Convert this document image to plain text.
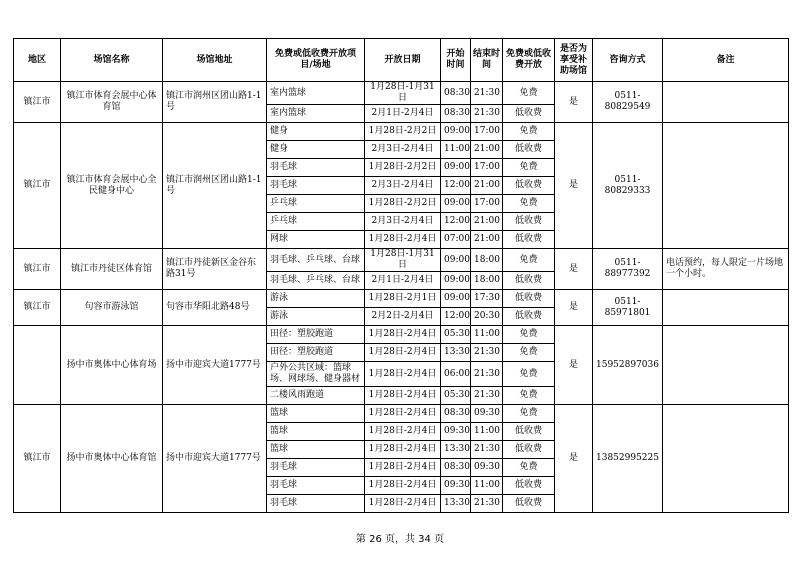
地区	场馆名称	场馆地址	免费或低收费开放项目/场地	开放日期	开始时间	结束时间	免费或低收费开放	是否为享受补助场馆	咨询方式	备注
镇江市	镇江市体育会展中心体育馆	镇江市润州区团山路1-1号	室内篮球	1月28日-1月31日	08:30	21:30	免费	是	0511-80829549	
			室内篮球	2月1日-2月4日	08:30	21:30	低收费			
镇江市	镇江市体育会展中心全民健身中心	镇江市润州区团山路1-1号	健身	1月28日-2月2日	09:00	17:00	免费	是	0511-80829333	
			健身	2月3日-2月4日	11:00	21:00	低收费			
			羽毛球	1月28日-2月2日	09:00	17:00	免费			
			羽毛球	2月3日-2月4日	12:00	21:00	低收费			
			乒乓球	1月28日-2月2日	09:00	17:00	免费			
			乒乓球	2月3日-2月4日	12:00	21:00	低收费			
			网球	1月28日-2月4日	07:00	21:00	低收费			
镇江市	镇江市丹徒区体育馆	镇江市丹徒新区金谷东路31号	羽毛球、乒乓球、台球	1月28日-1月31日	09:00	18:00	免费	是	0511-88977392	电话预约，每人限定一片场地一个小时。
			羽毛球、乒乓球、台球	2月1日-2月4日	09:00	18:00	低收费			
镇江市	句容市游泳馆	句容市华阳北路48号	游泳	1月28日-2月1日	09:00	17:30	低收费	是	0511-85971801	
			游泳	2月2日-2月4日	12:00	20:30	低收费			
	扬中市奥体中心体育场	扬中市迎宾大道1777号	田径：塑胶跑道	1月28日-2月4日	05:30	11:00	免费	是	15952897036	
			田径：塑胶跑道	1月28日-2月4日	13:30	21:30	免费			
			户外公共区域：篮球场、网球场、健身器材	1月28日-2月4日	06:00	21:30	免费			
			二楼风雨跑道	1月28日-2月4日	05:30	21:30	免费			
镇江市	扬中市奥体中心体育馆	扬中市迎宾大道1777号	篮球	1月28日-2月4日	08:30	09:30	免费	是	13852995225	
			篮球	1月28日-2月4日	09:30	11:00	低收费			
			篮球	1月28日-2月4日	13:30	21:30	低收费			
			羽毛球	1月28日-2月4日	08:30	09:30	免费			
			羽毛球	1月28日-2月4日	09:30	11:00	低收费			
			羽毛球	1月28日-2月4日	13:30	21:30	低收费			
第 26 页，共 34 页
